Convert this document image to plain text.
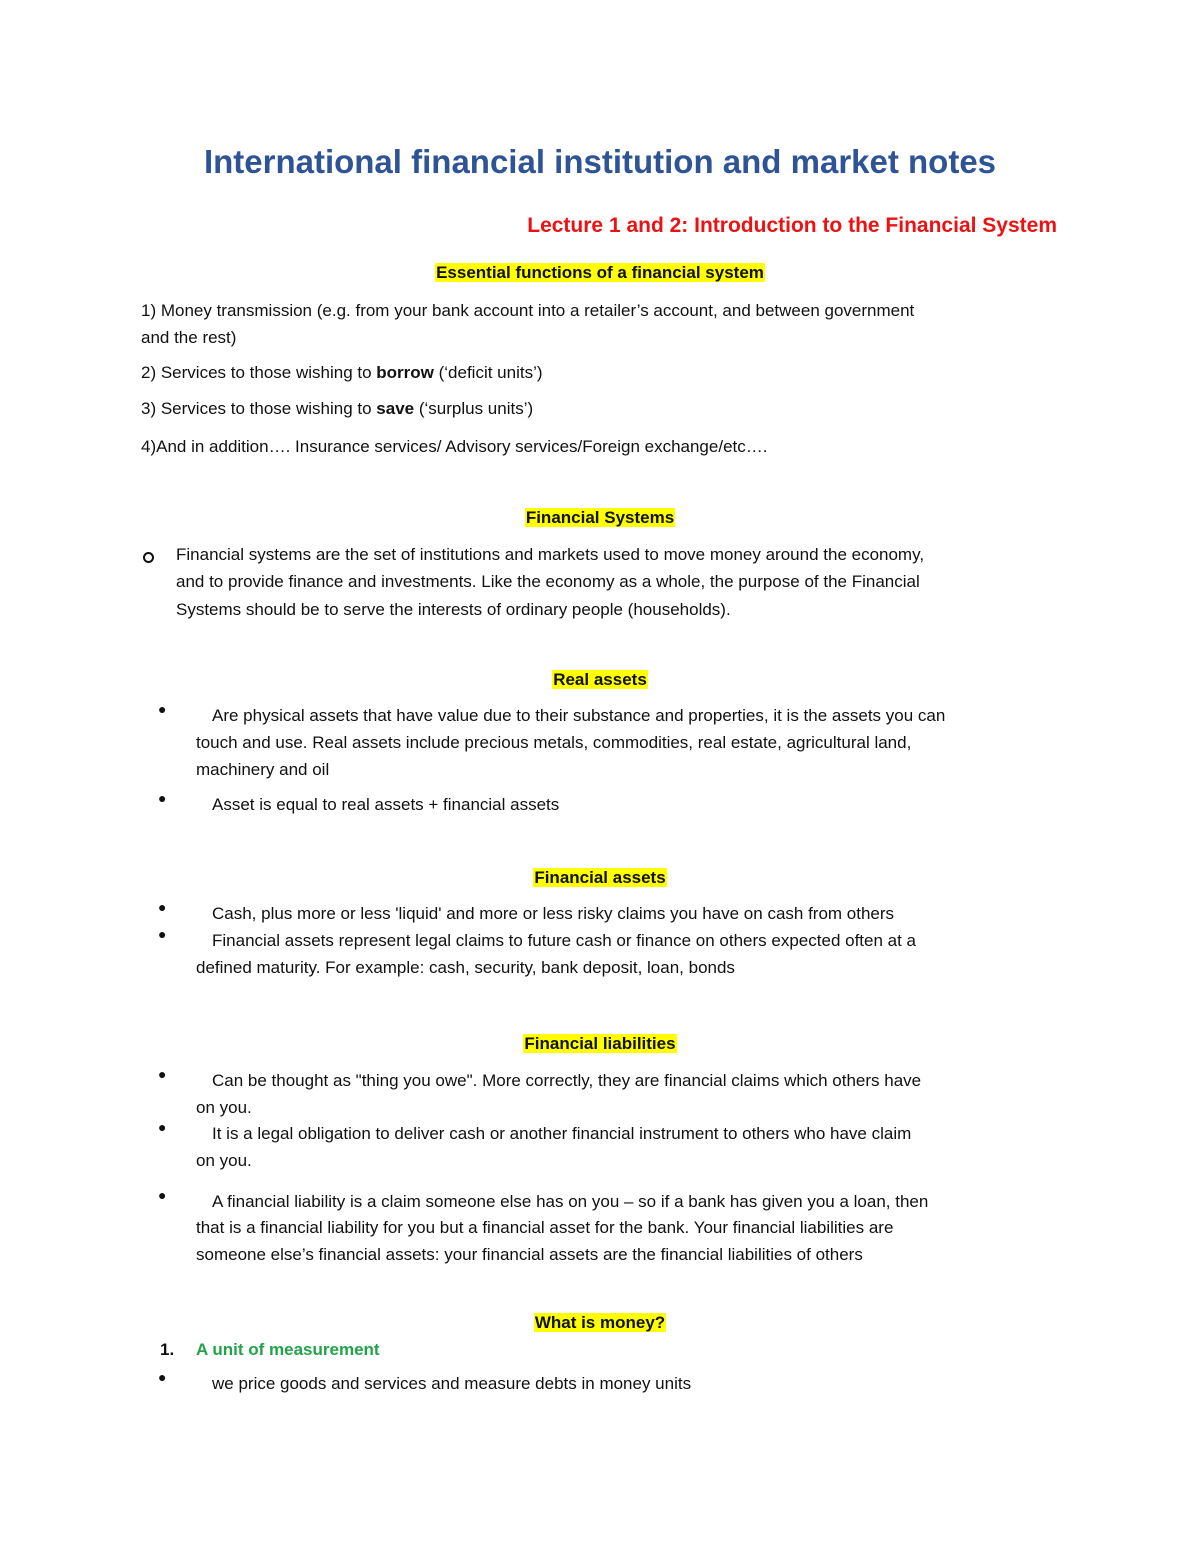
International financial institution and market notes
Lecture 1 and 2: Introduction to the Financial System
Essential functions of a financial system
1) Money transmission (e.g. from your bank account into a retailer’s account, and between government
and the rest)
2) Services to those wishing to borrow (‘deficit units’)
3) Services to those wishing to save (‘surplus units’)
4)And in addition…. Insurance services/ Advisory services/Foreign exchange/etc….
Financial Systems
Financial systems are the set of institutions and markets used to move money around the economy,
and to provide finance and investments. Like the economy as a whole, the purpose of the Financial
Systems should be to serve the interests of ordinary people (households).
Real assets
●	Are physical assets that have value due to their substance and properties, it is the assets you can
touch and use. Real assets include precious metals, commodities, real estate, agricultural land,
machinery and oil
●	Asset is equal to real assets + financial assets
Financial assets
●	Cash, plus more or less 'liquid' and more or less risky claims you have on cash from others
●	Financial assets represent legal claims to future cash or finance on others expected often at a
defined maturity. For example: cash, security, bank deposit, loan, bonds
Financial liabilities
●	Can be thought as "thing you owe". More correctly, they are financial claims which others have
on you.
●	It is a legal obligation to deliver cash or another financial instrument to others who have claim
on you.
●	A financial liability is a claim someone else has on you – so if a bank has given you a loan, then
that is a financial liability for you but a financial asset for the bank. Your financial liabilities are
someone else’s financial assets: your financial assets are the financial liabilities of others
What is money?
1. A unit of measurement
●	we price goods and services and measure debts in money units
